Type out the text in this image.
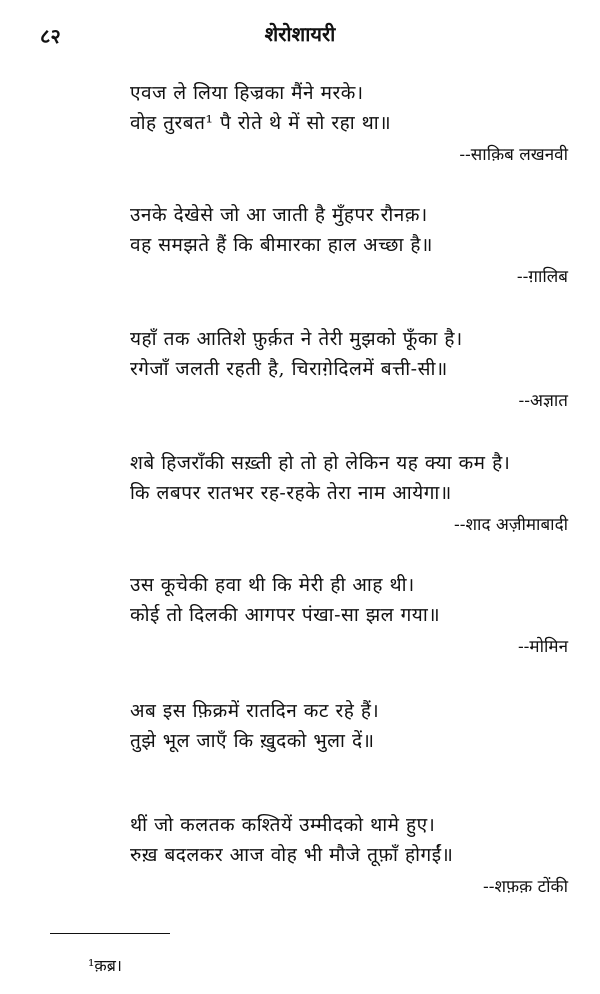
८२	शेरोशायरी
एवज ले लिया हिज्रका मैंने मरके।
वोह तुरबत¹ पै रोते थे में सो रहा था॥
--साक़िब लखनवी
उनके देखेसे जो आ जाती है मुँहपर रौनक़।
वह समझते हैं कि बीमारका हाल अच्छा है॥
--ग़ालिब
यहाँ तक आतिशे फ़ुर्क़त ने तेरी मुझको फूँका है।
रगेजाँ जलती रहती है, चिराग़ेदिलमें बत्ती-सी॥
--अज्ञात
शबे हिजराँकी सख़्ती हो तो हो लेकिन यह क्या कम है।
कि लबपर रातभर रह-रहके तेरा नाम आयेगा॥
--शाद अज़ीमाबादी
उस कूचेकी हवा थी कि मेरी ही आह थी।
कोई तो दिलकी आगपर पंखा-सा झल गया॥
--मोमिन
अब इस फ़िक्रमें रातदिन कट रहे हैं।
तुझे भूल जाएँ कि ख़ुदको भुला दें॥
थीं जो कलतक कश्तियें उम्मीदको थामे हुए।
रुख़ बदलकर आज वोह भी मौजे तूफ़ाँ होगईं॥
--शफ़क़ टोंकी
¹क़ब्र।
